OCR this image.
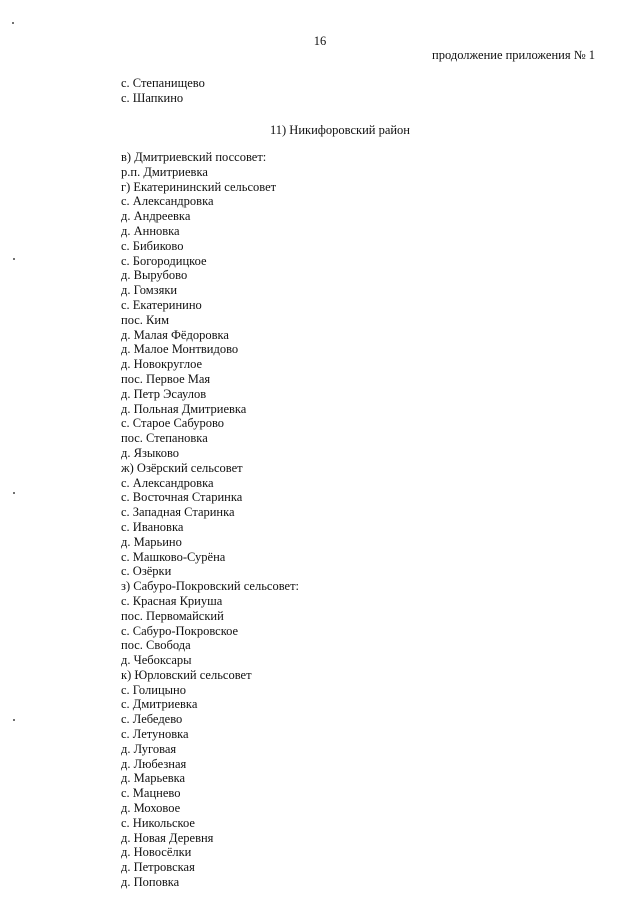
16
продолжение приложения № 1
с. Степанищево
с. Шапкино
11) Никифоровский район
в) Дмитриевский поссовет:
р.п. Дмитриевка
г) Екатерининский сельсовет
с. Александровка
д. Андреевка
д. Анновка
с. Бибиково
с. Богородицкое
д. Вырубово
д. Гомзяки
с. Екатеринино
пос. Ким
д. Малая Фёдоровка
д. Малое Монтвидово
д. Новокруглое
пос. Первое Мая
д. Петр Эсаулов
д. Польная Дмитриевка
с. Старое Сабурово
пос. Степановка
д. Языково
ж) Озёрский сельсовет
с. Александровка
с. Восточная Старинка
с. Западная Старинка
с. Ивановка
д. Марьино
с. Машково-Сурёна
с. Озёрки
з) Сабуро-Покровский сельсовет:
с. Красная Криуша
пос. Первомайский
с. Сабуро-Покровское
пос. Свобода
д. Чебоксары
к) Юрловский сельсовет
с. Голицыно
с. Дмитриевка
с. Лебедево
с. Летуновка
д. Луговая
д. Любезная
д. Марьевка
с. Мацнево
д. Моховое
с. Никольское
д. Новая Деревня
д. Новосёлки
д. Петровская
д. Поповка
